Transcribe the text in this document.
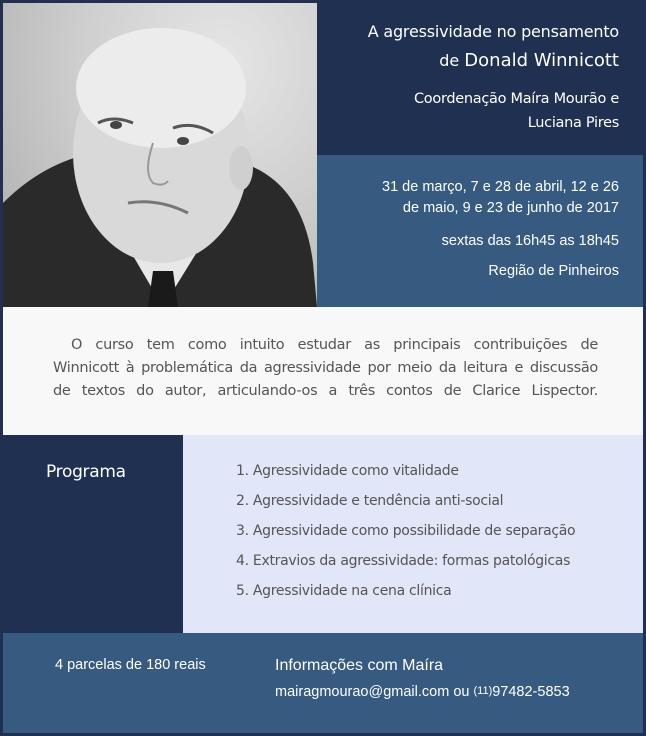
A agressividade no pensamento
de Donald Winnicott
Coordenação Maíra Mourão e
Luciana Pires
31 de março, 7 e 28 de abril, 12 e 26
de maio, 9 e 23 de junho de 2017
sextas das 16h45 as 18h45
Região de Pinheiros

O curso tem como intuito estudar as principais contribuições de

Winnicott à problemática da agressividade por meio da leitura e discussão

de textos do autor, articulando-os a três contos de Clarice Lispector.

Programa	1. Agressividade como vitalidade
2. Agressividade e tendência anti-social
3. Agressividade como possibilidade de separação
4. Extravios da agressividade: formas patológicas
5. Agressividade na cena clínica
4 parcelas de 180 reais	Informações com Maíra
mairagmourao@gmail.com ou (11)97482-5853
